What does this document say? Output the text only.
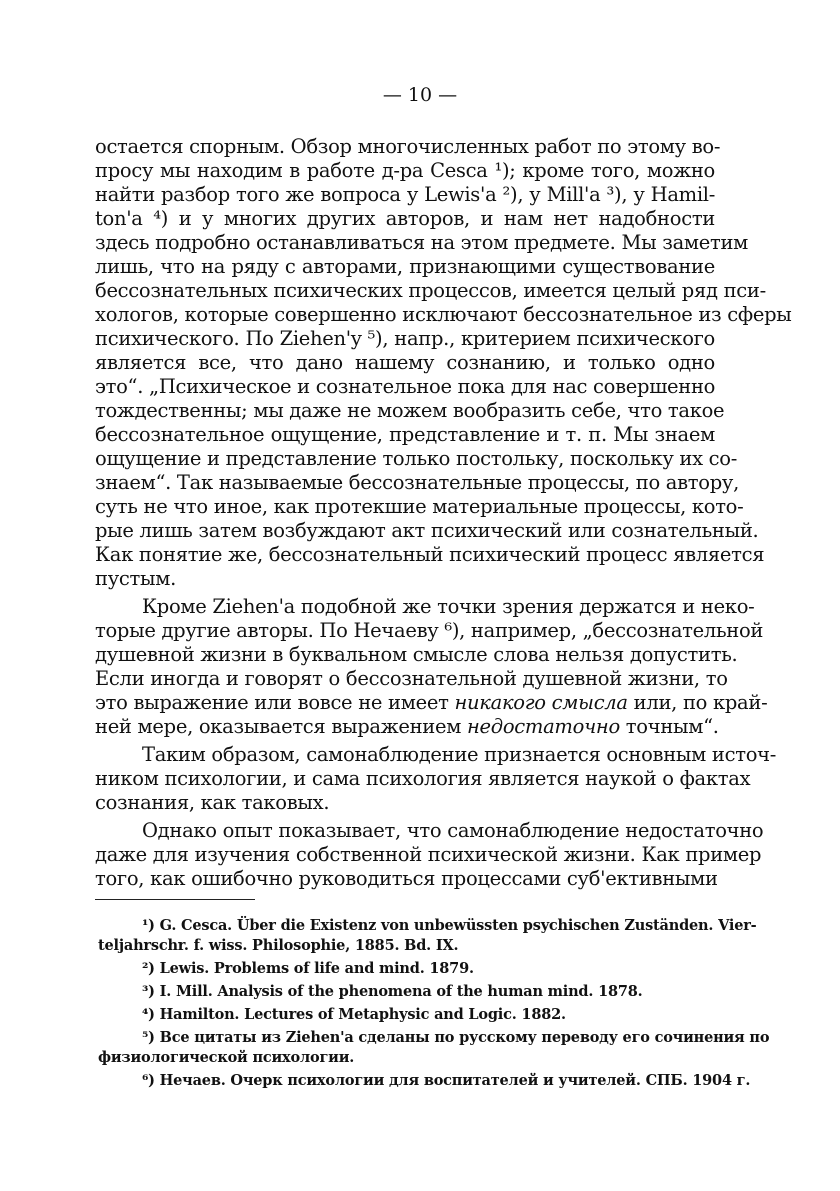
— 10 —
остается спорным. Обзор многочисленных работ по этому во-
просу мы находим в работе д-ра Cesca ¹); кроме того, можно
найти разбор того же вопроса у Lewis'a ²), у Mill'a ³), у Hamil-
ton'a ⁴) и у многих других авторов, и нам нет надобности
здесь подробно останавливаться на этом предмете. Мы заметим
лишь, что на ряду с авторами, признающими существование
бессознательных психических процессов, имеется целый ряд пси-
хологов, которые совершенно исключают бессознательное из сферы
психического. По Ziehen'y ⁵), напр., критерием психического
является все, что дано нашему сознанию, и только одно
это“. „Психическое и сознательное пока для нас совершенно
тождественны; мы даже не можем вообразить себе, что такое
бессознательное ощущение, представление и т. п. Мы знаем
ощущение и представление только постольку, поскольку их со-
знаем“. Так называемые бессознательные процессы, по автору,
суть не что иное, как протекшие материальные процессы, кото-
рые лишь затем возбуждают акт психический или сознательный.
Как понятие же, бессознательный психический процесс является
пустым.
Кроме Ziehen'a подобной же точки зрения держатся и неко-
торые другие авторы. По Нечаеву ⁶), например, „бессознательной
душевной жизни в буквальном смысле слова нельзя допустить.
Если иногда и говорят о бессознательной душевной жизни, то
это выражение или вовсе не имеет никакого смысла или, по край-
ней мере, оказывается выражением недостаточно точным“.
Таким образом, самонаблюдение признается основным источ-
ником психологии, и сама психология является наукой о фактах
сознания, как таковых.
Однако опыт показывает, что самонаблюдение недостаточно
даже для изучения собственной психической жизни. Как пример
того, как ошибочно руководиться процессами суб'ективными
¹) G. Cesca. Über die Existenz von unbewüssten psychischen Zuständen. Vier-
teljahrschr. f. wiss. Philosophie, 1885. Bd. IX.
²) Lewis. Problems of life and mind. 1879.
³) I. Mill. Analysis of the phenomena of the human mind. 1878.
⁴) Hamilton. Lectures of Metaphysic and Logic. 1882.
⁵) Все цитаты из Ziehen'a сделаны по русскому переводу его сочинения по
физиологической психологии.
⁶) Нечаев. Очерк психологии для воспитателей и учителей. СПБ. 1904 г.
